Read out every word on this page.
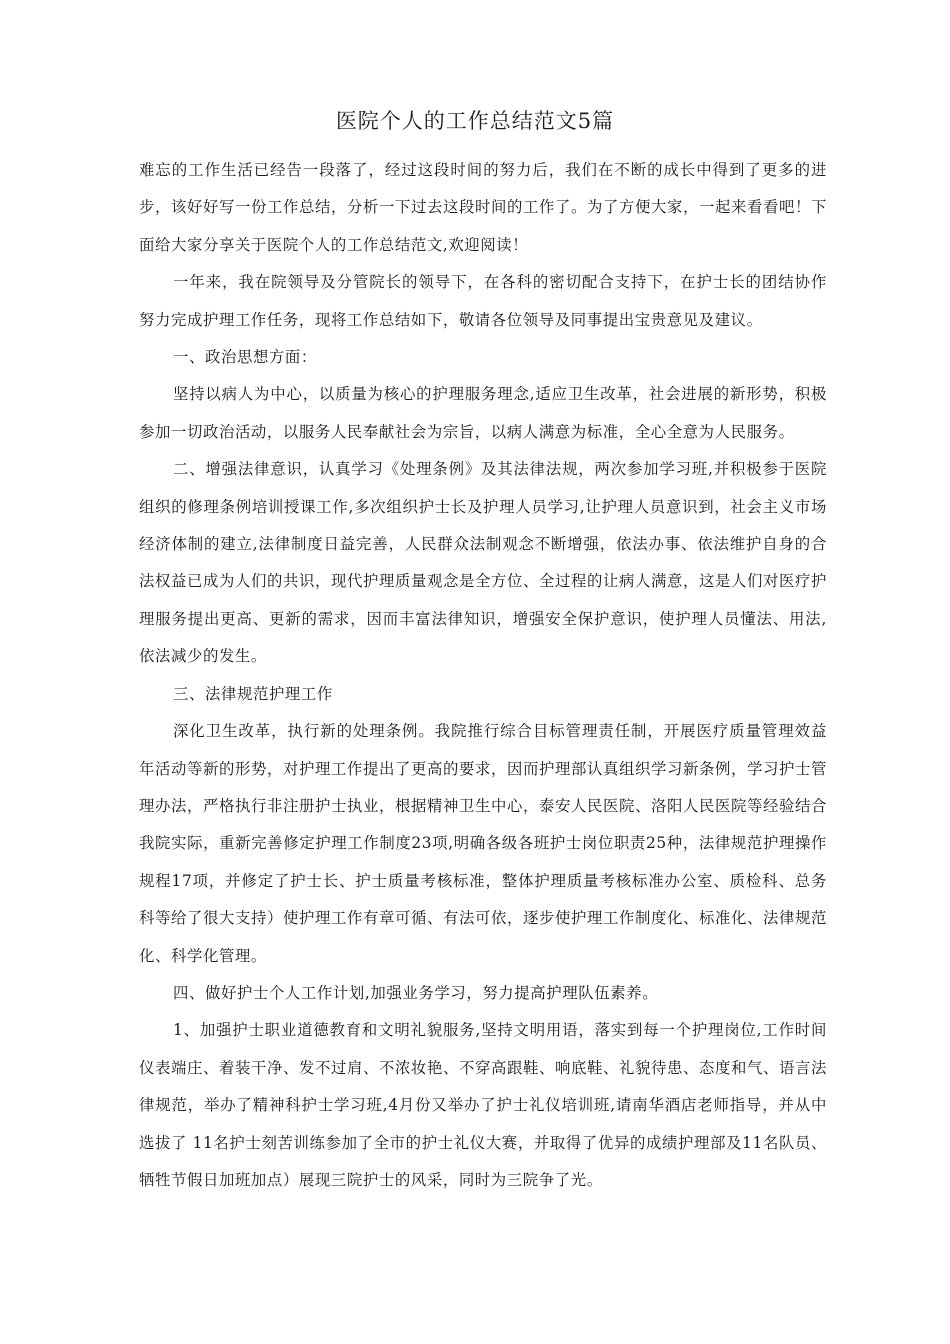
医院个人的工作总结范文5篇

难忘的工作生活已经告一段落了，经过这段时间的努力后，我们在不断的成长中得到了更多的进步，该好好写一份工作总结，分析一下过去这段时间的工作了。为了方便大家，一起来看看吧！下面给大家分享关于医院个人的工作总结范文,欢迎阅读！

一年来，我在院领导及分管院长的领导下，在各科的密切配合支持下，在护士长的团结协作努力完成护理工作任务，现将工作总结如下，敬请各位领导及同事提出宝贵意见及建议。

一、政治思想方面：

坚持以病人为中心，以质量为核心的护理服务理念,适应卫生改革，社会进展的新形势，积极参加一切政治活动，以服务人民奉献社会为宗旨，以病人满意为标准，全心全意为人民服务。

二、增强法律意识，认真学习《处理条例》及其法律法规，两次参加学习班,并积极参于医院组织的修理条例培训授课工作,多次组织护士长及护理人员学习,让护理人员意识到，社会主义市场经济体制的建立,法律制度日益完善，人民群众法制观念不断增强，依法办事、依法维护自身的合法权益已成为人们的共识，现代护理质量观念是全方位、全过程的让病人满意，这是人们对医疗护理服务提出更高、更新的需求，因而丰富法律知识，增强安全保护意识，使护理人员懂法、用法,依法减少的发生。

三、法律规范护理工作

深化卫生改革，执行新的处理条例。我院推行综合目标管理责任制，开展医疗质量管理效益年活动等新的形势，对护理工作提出了更高的要求，因而护理部认真组织学习新条例，学习护士管理办法，严格执行非注册护士执业，根据精神卫生中心，泰安人民医院、洛阳人民医院等经验结合我院实际，重新完善修定护理工作制度23项,明确各级各班护士岗位职责25种，法律规范护理操作规程17项，并修定了护士长、护士质量考核标准，整体护理质量考核标准办公室、质检科、总务科等给了很大支持）使护理工作有章可循、有法可依，逐步使护理工作制度化、标准化、法律规范化、科学化管理。

四、做好护士个人工作计划,加强业务学习，努力提高护理队伍素养。

1、加强护士职业道德教育和文明礼貌服务,坚持文明用语，落实到每一个护理岗位,工作时间仪表端庄、着装干净、发不过肩、不浓妆艳、不穿高跟鞋、响底鞋、礼貌待患、态度和气、语言法律规范，举办了精神科护士学习班,4月份又举办了护士礼仪培训班,请南华酒店老师指导，并从中选拔了 11名护士刻苦训练参加了全市的护士礼仪大赛，并取得了优异的成绩护理部及11名队员、牺牲节假日加班加点）展现三院护士的风采，同时为三院争了光。
